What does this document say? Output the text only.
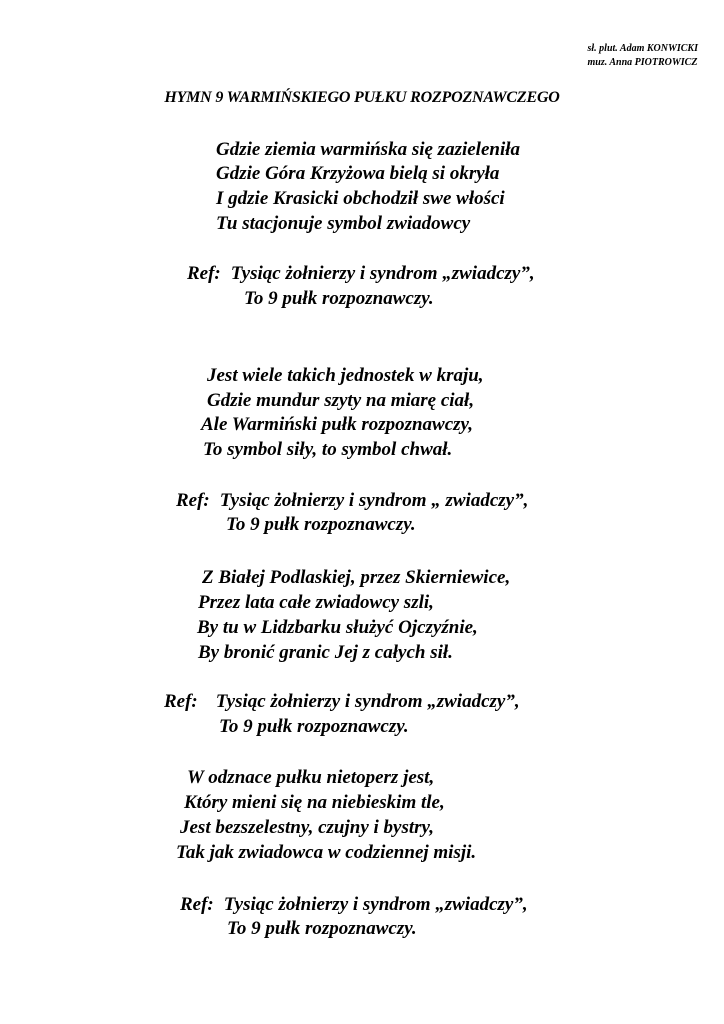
sł. plut. Adam KONWICKI
muz. Anna PIOTROWICZ
HYMN 9 WARMIŃSKIEGO PUŁKU ROZPOZNAWCZEGO
Gdzie ziemia warmińska się zazieleniła
Gdzie Góra Krzyżowa bielą si okryła
I gdzie Krasicki obchodził swe włości
Tu stacjonuje symbol zwiadowcy
Ref: Tysiąc żołnierzy i syndrom „zwiadczy”,
To 9 pułk rozpoznawczy.
Jest wiele takich jednostek w kraju,
Gdzie mundur szyty na miarę ciał,
Ale Warmiński pułk rozpoznawczy,
To symbol siły, to symbol chwał.
Ref: Tysiąc żołnierzy i syndrom „ zwiadczy”,
To 9 pułk rozpoznawczy.
Z Białej Podlaskiej, przez Skierniewice,
Przez lata całe zwiadowcy szli,
By tu w Lidzbarku służyć Ojczyźnie,
By bronić granic Jej z całych sił.
Ref: Tysiąc żołnierzy i syndrom „zwiadczy”,
To 9 pułk rozpoznawczy.
W odznace pułku nietoperz jest,
Który mieni się na niebieskim tle,
Jest bezszelestny, czujny i bystry,
Tak jak zwiadowca w codziennej misji.
Ref: Tysiąc żołnierzy i syndrom „zwiadczy”,
To 9 pułk rozpoznawczy.
